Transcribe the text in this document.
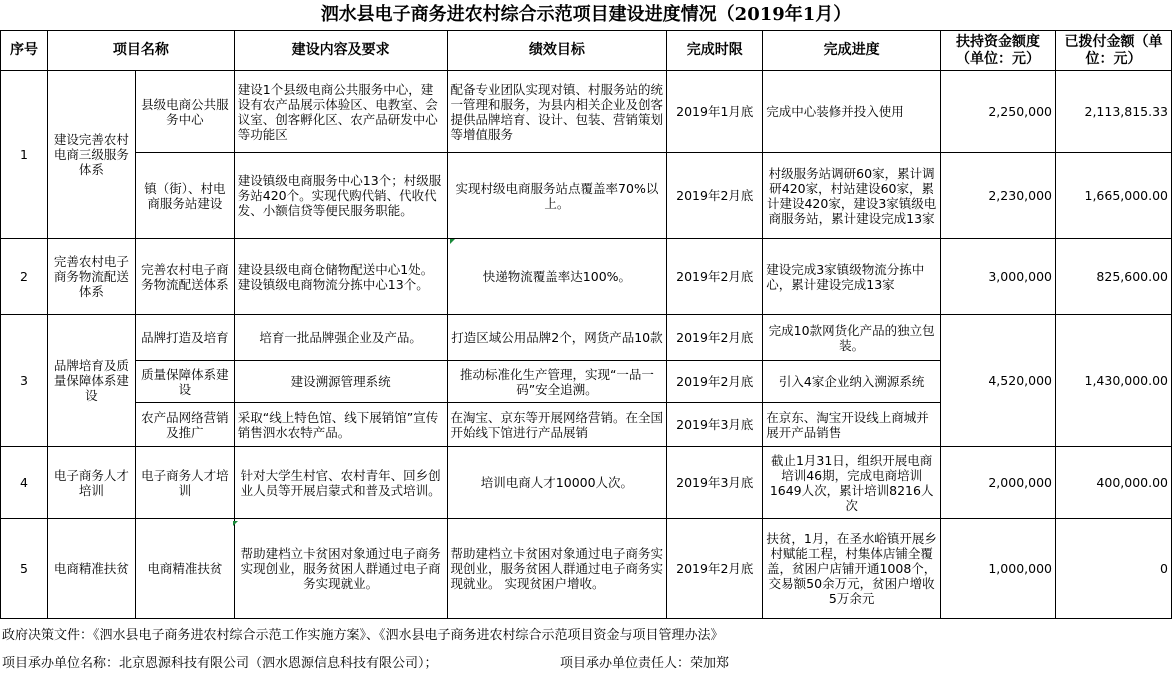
泗水县电子商务进农村综合示范项目建设进度情况（2019年1月）
序号	项目名称		建设内容及要求	绩效目标	完成时限	完成进度	扶持资金额度（单位：元）	已拨付金额（单位：元）
1	建设完善农村电商三级服务体系	县级电商公共服务中心	建设1个县级电商公共服务中心，建设有农产品展示体验区、电教室、会议室、创客孵化区、农产品研发中心等功能区	配备专业团队实现对镇、村服务站的统一管理和服务，为县内相关企业及创客提供品牌培育、设计、包装、营销策划等增值服务	2019年1月底	完成中心装修并投入使用	2,250,000	2,113,815.33
		镇（街）、村电商服务站建设	建设镇级电商服务中心13个；村级服务站420个。实现代购代销、代收代发、小额信贷等便民服务职能。	实现村级电商服务站点覆盖率70%以上。	2019年2月底	村级服务站调研60家，累计调研420家，村站建设60家，累计建设420家，建设3家镇级电商服务站，累计建设完成13家	2,230,000	1,665,000.00
2	完善农村电子商务物流配送体系	完善农村电子商务物流配送体系	建设县级电商仓储物配送中心1处。建设镇级电商物流分拣中心13个。	快递物流覆盖率达100%。	2019年2月底	建设完成3家镇级物流分拣中心，累计建设完成13家	3,000,000	825,600.00
3	品牌培育及质量保障体系建设	品牌打造及培育	培育一批品牌强企业及产品。	打造区域公用品牌2个，网货产品10款	2019年2月底	完成10款网货化产品的独立包装。	4,520,000	1,430,000.00
		质量保障体系建设	建设溯源管理系统	推动标准化生产管理，实现“一品一码”安全追溯。	2019年2月底	引入4家企业纳入溯源系统		
		农产品网络营销及推广	采取“线上特色馆、线下展销馆”宣传销售泗水农特产品。	在淘宝、京东等开展网络营销。在全国开始线下馆进行产品展销	2019年3月底	在京东、淘宝开设线上商城并展开产品销售		
4	电子商务人才培训	电子商务人才培训	针对大学生村官、农村青年、回乡创业人员等开展启蒙式和普及式培训。	培训电商人才10000人次。	2019年3月底	截止1月31日，组织开展电商培训46期，完成电商培训1649人次，累计培训8216人次	2,000,000	400,000.00
5	电商精准扶贫	电商精准扶贫	帮助建档立卡贫困对象通过电子商务实现创业，服务贫困人群通过电子商务实现就业。	帮助建档立卡贫困对象通过电子商务实现创业，服务贫困人群通过电子商务实现就业。 实现贫困户增收。	2019年2月底	扶贫，1月，在圣水峪镇开展乡村赋能工程，村集体店铺全覆盖，贫困户店铺开通1008个，交易额50余万元，贫困户增收5万余元	1,000,000	0
政府决策文件：《泗水县电子商务进农村综合示范工作实施方案》、《泗水县电子商务进农村综合示范项目资金与项目管理办法》
项目承办单位名称：北京恩源科技有限公司（泗水恩源信息科技有限公司）；	项目承办单位责任人：荣加郑
